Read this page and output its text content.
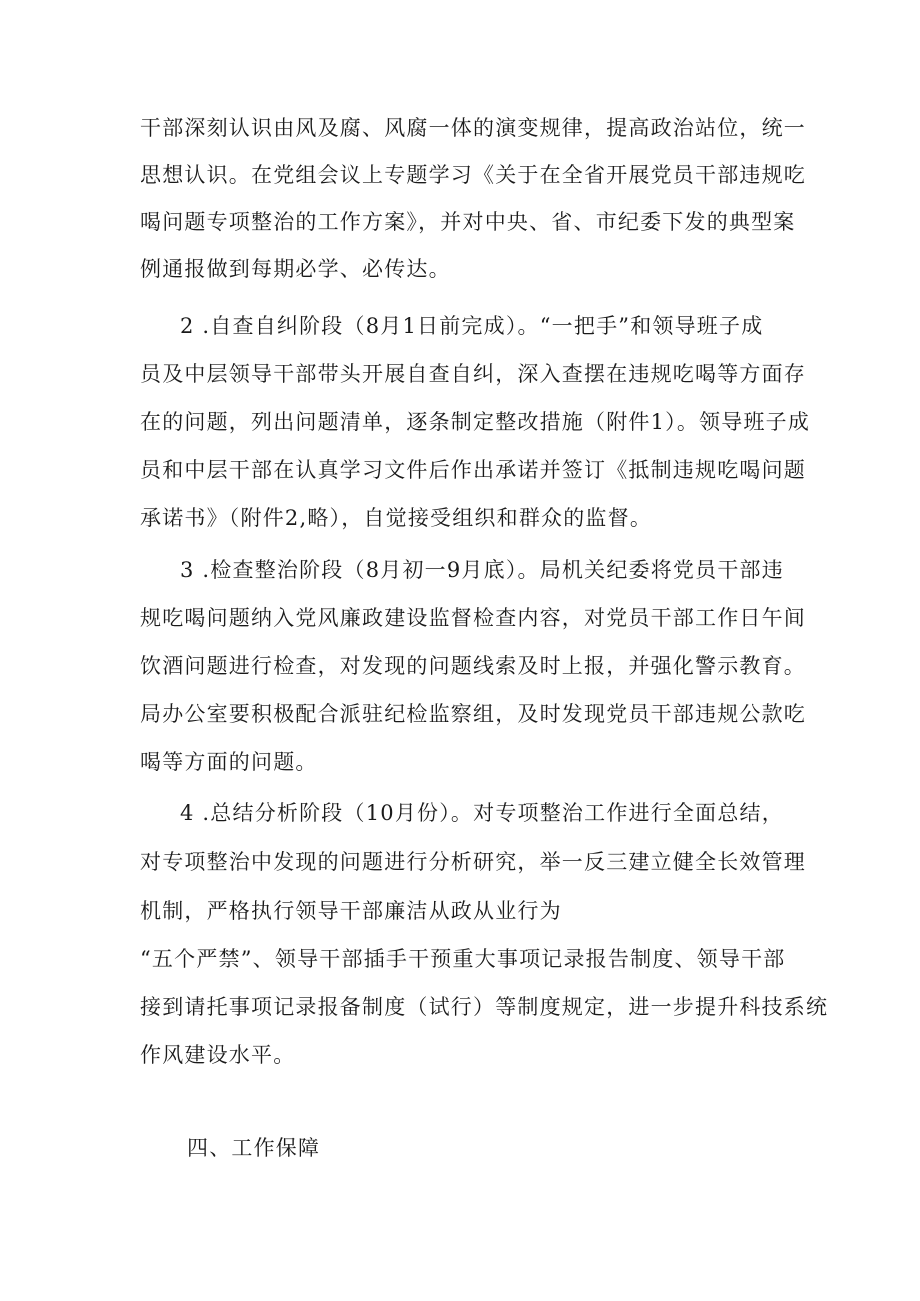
干部深刻认识由风及腐、风腐一体的演变规律，提高政治站位，统一
思想认识。在党组会议上专题学习《关于在全省开展党员干部违规吃
喝问题专项整治的工作方案》，并对中央、省、市纪委下发的典型案
例通报做到每期必学、必传达。
2 .自查自纠阶段（8月1日前完成）。“一把手”和领导班子成
员及中层领导干部带头开展自查自纠，深入查摆在违规吃喝等方面存
在的问题，列出问题清单，逐条制定整改措施（附件1）。领导班子成
员和中层干部在认真学习文件后作出承诺并签订《抵制违规吃喝问题
承诺书》（附件2,略），自觉接受组织和群众的监督。
3 .检查整治阶段（8月初一9月底）。局机关纪委将党员干部违
规吃喝问题纳入党风廉政建设监督检查内容，对党员干部工作日午间
饮酒问题进行检查，对发现的问题线索及时上报，并强化警示教育。
局办公室要积极配合派驻纪检监察组，及时发现党员干部违规公款吃
喝等方面的问题。
4 .总结分析阶段（10月份）。对专项整治工作进行全面总结，
对专项整治中发现的问题进行分析研究，举一反三建立健全长效管理
机制，严格执行领导干部廉洁从政从业行为
“五个严禁”、领导干部插手干预重大事项记录报告制度、领导干部
接到请托事项记录报备制度（试行）等制度规定，进一步提升科技系统
作风建设水平。
四、工作保障
